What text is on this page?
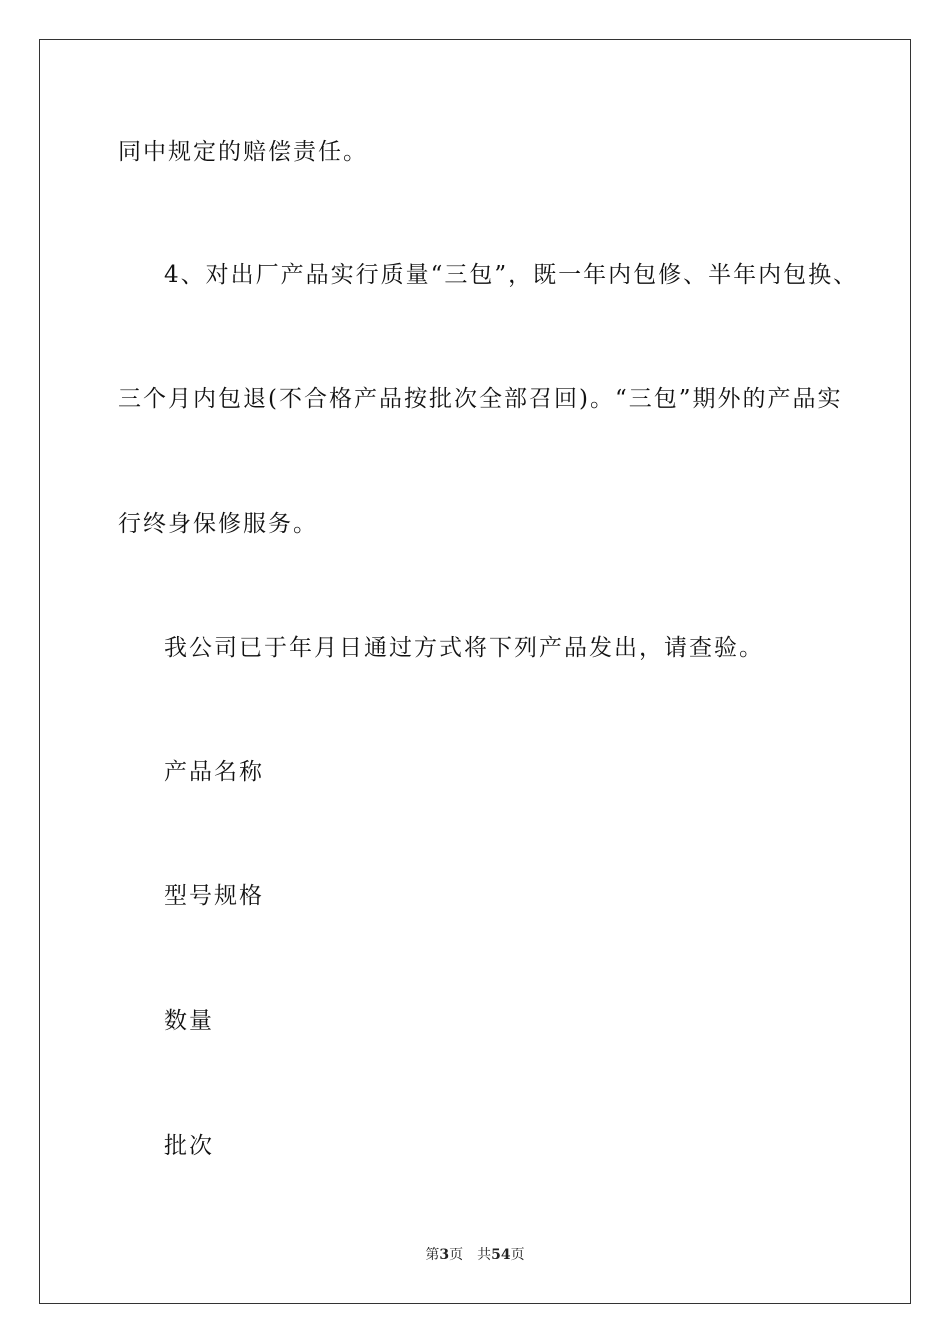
同中规定的赔偿责任。
4、对出厂产品实行质量“三包”，既一年内包修、半年内包换、
三个月内包退(不合格产品按批次全部召回)。“三包”期外的产品实
行终身保修服务。
我公司已于年月日通过方式将下列产品发出，请查验。
产品名称
型号规格
数量
批次
第3页 共54页
